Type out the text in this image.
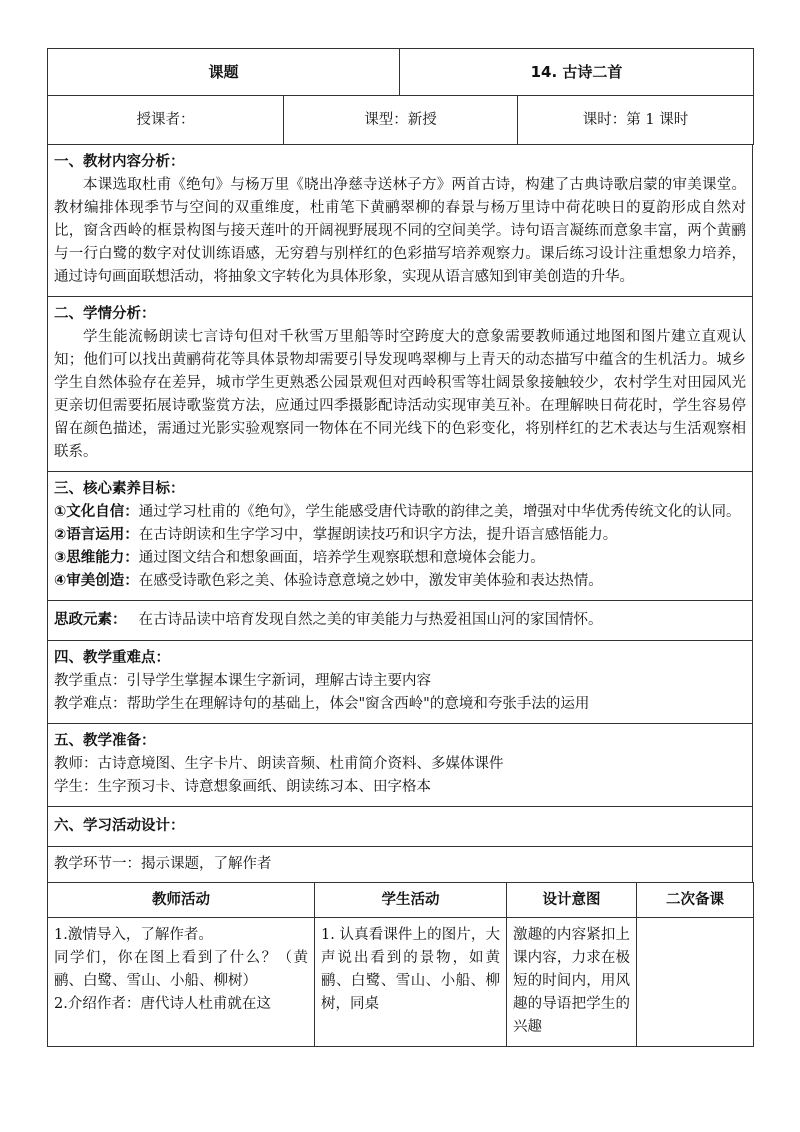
课题	14. 古诗二首
授课者：	课型：新授	课时：第 1 课时
一、教材内容分析：
本课选取杜甫《绝句》与杨万里《晓出净慈寺送林子方》两首古诗，构建了古典诗歌启蒙的审美课堂。教材编排体现季节与空间的双重维度，杜甫笔下黄鹂翠柳的春景与杨万里诗中荷花映日的夏韵形成自然对比，窗含西岭的框景构图与接天莲叶的开阔视野展现不同的空间美学。诗句语言凝练而意象丰富，两个黄鹂与一行白鹭的数字对仗训练语感，无穷碧与别样红的色彩描写培养观察力。课后练习设计注重想象力培养，通过诗句画面联想活动，将抽象文字转化为具体形象，实现从语言感知到审美创造的升华。

二、学情分析：
学生能流畅朗读七言诗句但对千秋雪万里船等时空跨度大的意象需要教师通过地图和图片建立直观认知；他们可以找出黄鹂荷花等具体景物却需要引导发现鸣翠柳与上青天的动态描写中蕴含的生机活力。城乡学生自然体验存在差异，城市学生更熟悉公园景观但对西岭积雪等壮阔景象接触较少，农村学生对田园风光更亲切但需要拓展诗歌鉴赏方法，应通过四季摄影配诗活动实现审美互补。在理解映日荷花时，学生容易停留在颜色描述，需通过光影实验观察同一物体在不同光线下的色彩变化，将别样红的艺术表达与生活观察相联系。

三、核心素养目标：
①文化自信：通过学习杜甫的《绝句》，学生能感受唐代诗歌的韵律之美，增强对中华优秀传统文化的认同。
②语言运用：在古诗朗读和生字学习中，掌握朗读技巧和识字方法，提升语言感悟能力。
③思维能力：通过图文结合和想象画面，培养学生观察联想和意境体会能力。
④审美创造：在感受诗歌色彩之美、体验诗意意境之妙中，激发审美体验和表达热情。

思政元素： 在古诗品读中培育发现自然之美的审美能力与热爱祖国山河的家国情怀。

四、教学重难点：
教学重点：引导学生掌握本课生字新词，理解古诗主要内容
教学难点：帮助学生在理解诗句的基础上，体会"窗含西岭"的意境和夸张手法的运用

五、教学准备：
教师：古诗意境图、生字卡片、朗读音频、杜甫简介资料、多媒体课件
学生：生字预习卡、诗意想象画纸、朗读练习本、田字格本

六、学习活动设计：

教学环节一：揭示课题，了解作者
教师活动	学生活动	设计意图	二次备课

1.激情导入，了解作者。
同学们，你在图上看到了什么？（黄鹂、白鹭、雪山、小船、柳树）
2.介绍作者：唐代诗人杜甫就在这	1. 认真看课件上的图片，大声说出看到的景物，如黄鹂、白鹭、雪山、小船、柳树，同桌	激趣的内容紧扣上课内容，力求在极短的时间内，用风趣的导语把学生的兴趣	
